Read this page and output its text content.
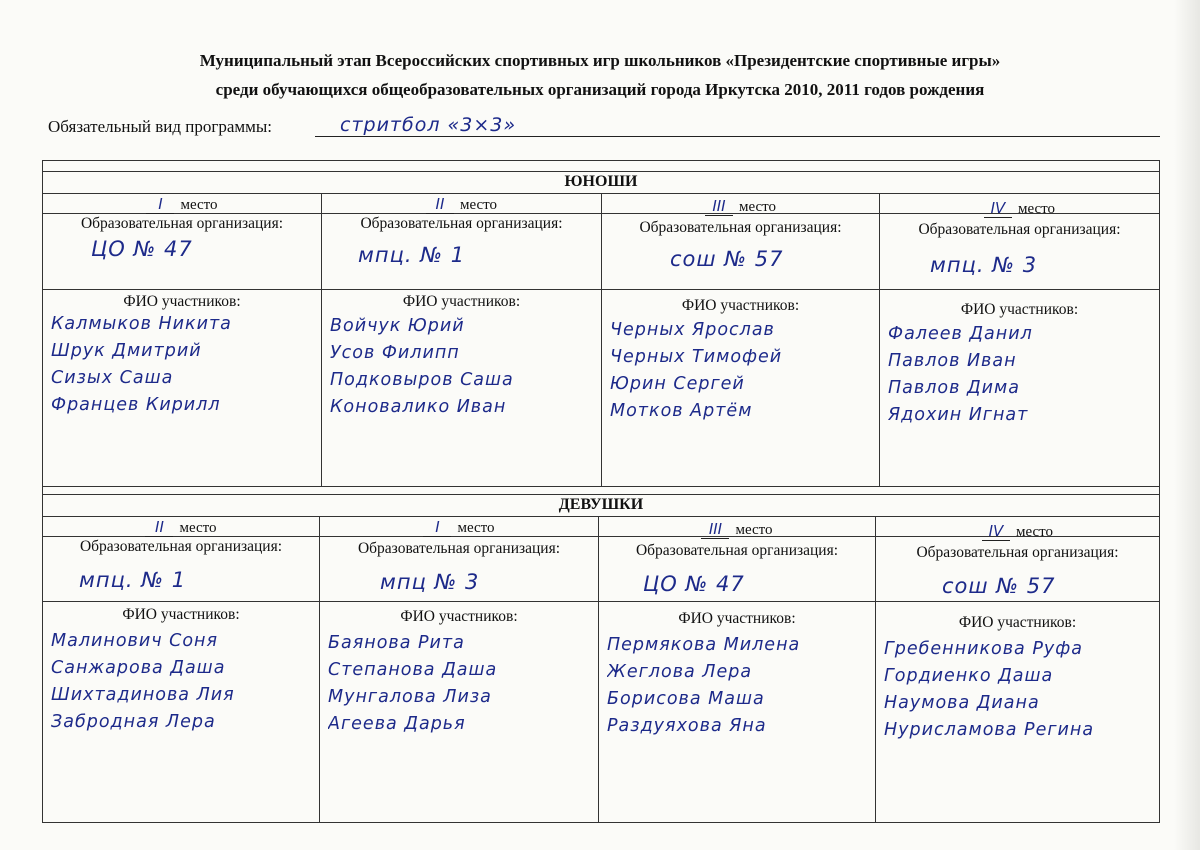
Муниципальный этап Всероссийских спортивных игр школьников «Президентские спортивные игры»
среди обучающихся общеобразовательных организаций города Иркутска 2010, 2011 годов рождения
Обязательный вид программы:	стритбол «3×3»
ЮНОШИ
I место
Образовательная организация:
ЦО № 47
ФИО участников:
Калмыков Никита
Шрук Дмитрий
Сизых Саша
Францев Кирилл
II место
Образовательная организация:
мпц. № 1
ФИО участников:
Войчук Юрий
Усов Филипп
Подковыров Саша
Коновалико Иван
III место
Образовательная организация:
сош № 57
ФИО участников:
Черных Ярослав
Черных Тимофей
Юрин Сергей
Мотков Артём
IV место
Образовательная организация:
мпц. № 3
ФИО участников:
Фалеев Данил
Павлов Иван
Павлов Дима
Ядохин Игнат
ДЕВУШКИ
II место
Образовательная организация:
мпц. № 1
ФИО участников:
Малинович Соня
Санжарова Даша
Шихтадинова Лия
Забродная Лера
I место
Образовательная организация:
мпц № 3
ФИО участников:
Баянова Рита
Степанова Даша
Мунгалова Лиза
Агеева Дарья
III место
Образовательная организация:
ЦО № 47
ФИО участников:
Пермякова Милена
Жеглова Лера
Борисова Маша
Раздуяхова Яна
IV место
Образовательная организация:
сош № 57
ФИО участников:
Гребенникова Руфа
Гордиенко Даша
Наумова Диана
Нурисламова Регина
